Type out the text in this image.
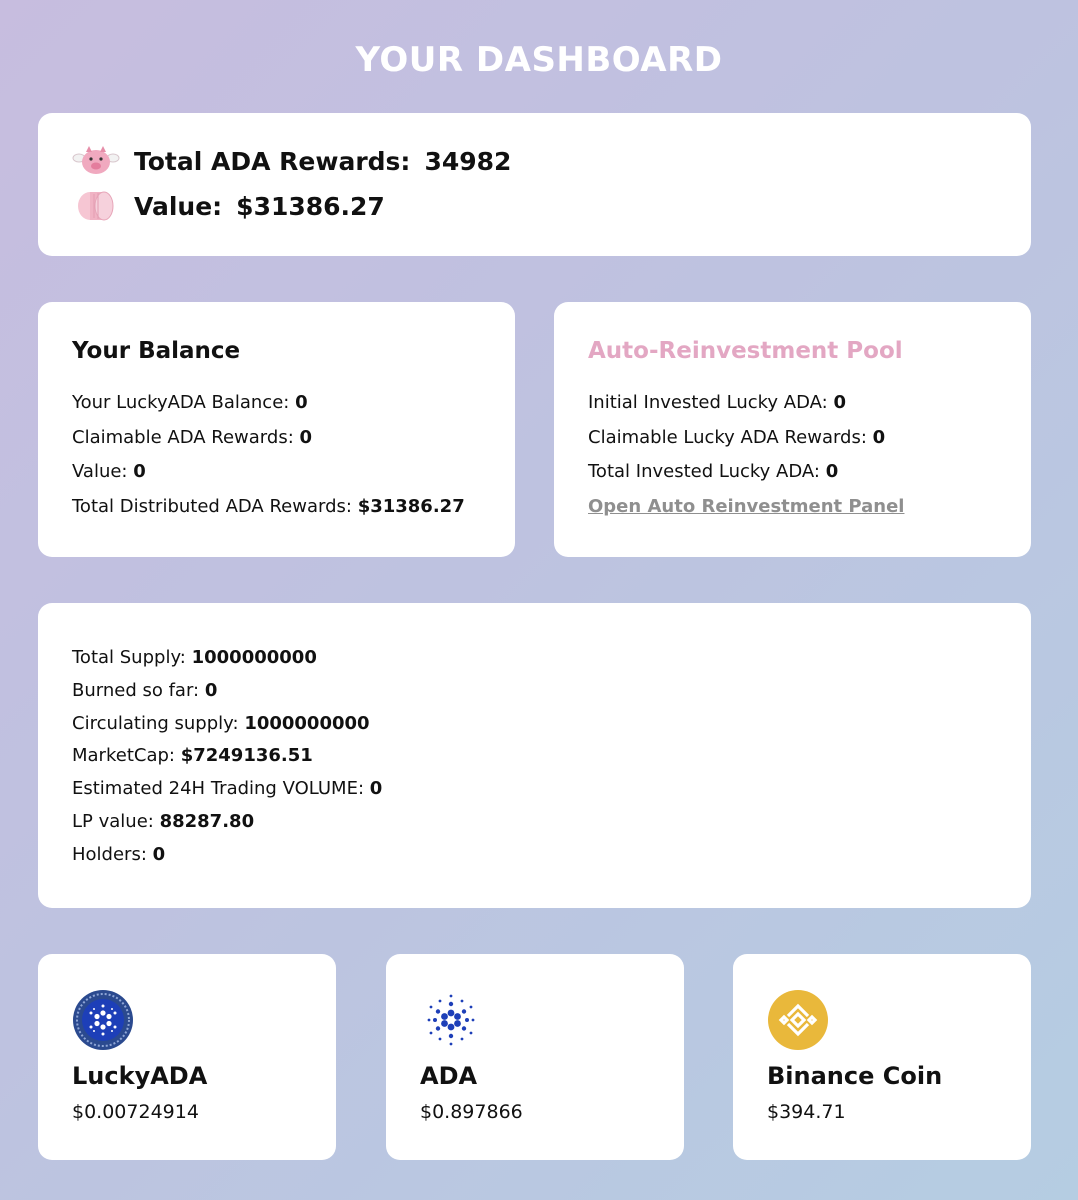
YOUR DASHBOARD
Total ADA Rewards: 34982
Value: $31386.27
Your Balance
Your LuckyADA Balance: 0
Claimable ADA Rewards: 0
Value: 0
Total Distributed ADA Rewards: $31386.27
Auto-Reinvestment Pool
Initial Invested Lucky ADA: 0
Claimable Lucky ADA Rewards: 0
Total Invested Lucky ADA: 0
Open Auto Reinvestment Panel
Total Supply: 1000000000
Burned so far: 0
Circulating supply: 1000000000
MarketCap: $7249136.51
Estimated 24H Trading VOLUME: 0
LP value: 88287.80
Holders: 0
LuckyADA
$0.00724914
ADA
$0.897866
Binance Coin
$394.71
